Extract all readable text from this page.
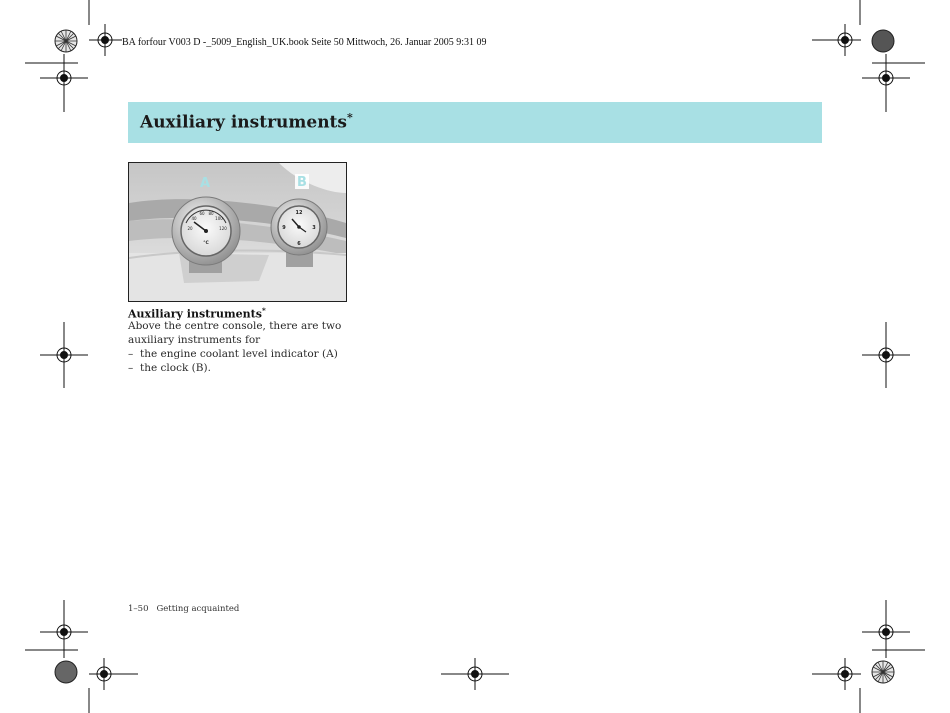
BA forfour V003 D -_5009_English_UK.book Seite 50 Mittwoch, 26. Januar 2005 9:31 09
Auxiliary instruments*
A	B
°C
20
40
60 80
100
120
12
3
6
9
Auxiliary instruments*

Above the centre console, there are two auxiliary instruments for

– the engine coolant level indicator (A)
– the clock (B).
1–50 Getting acquainted
